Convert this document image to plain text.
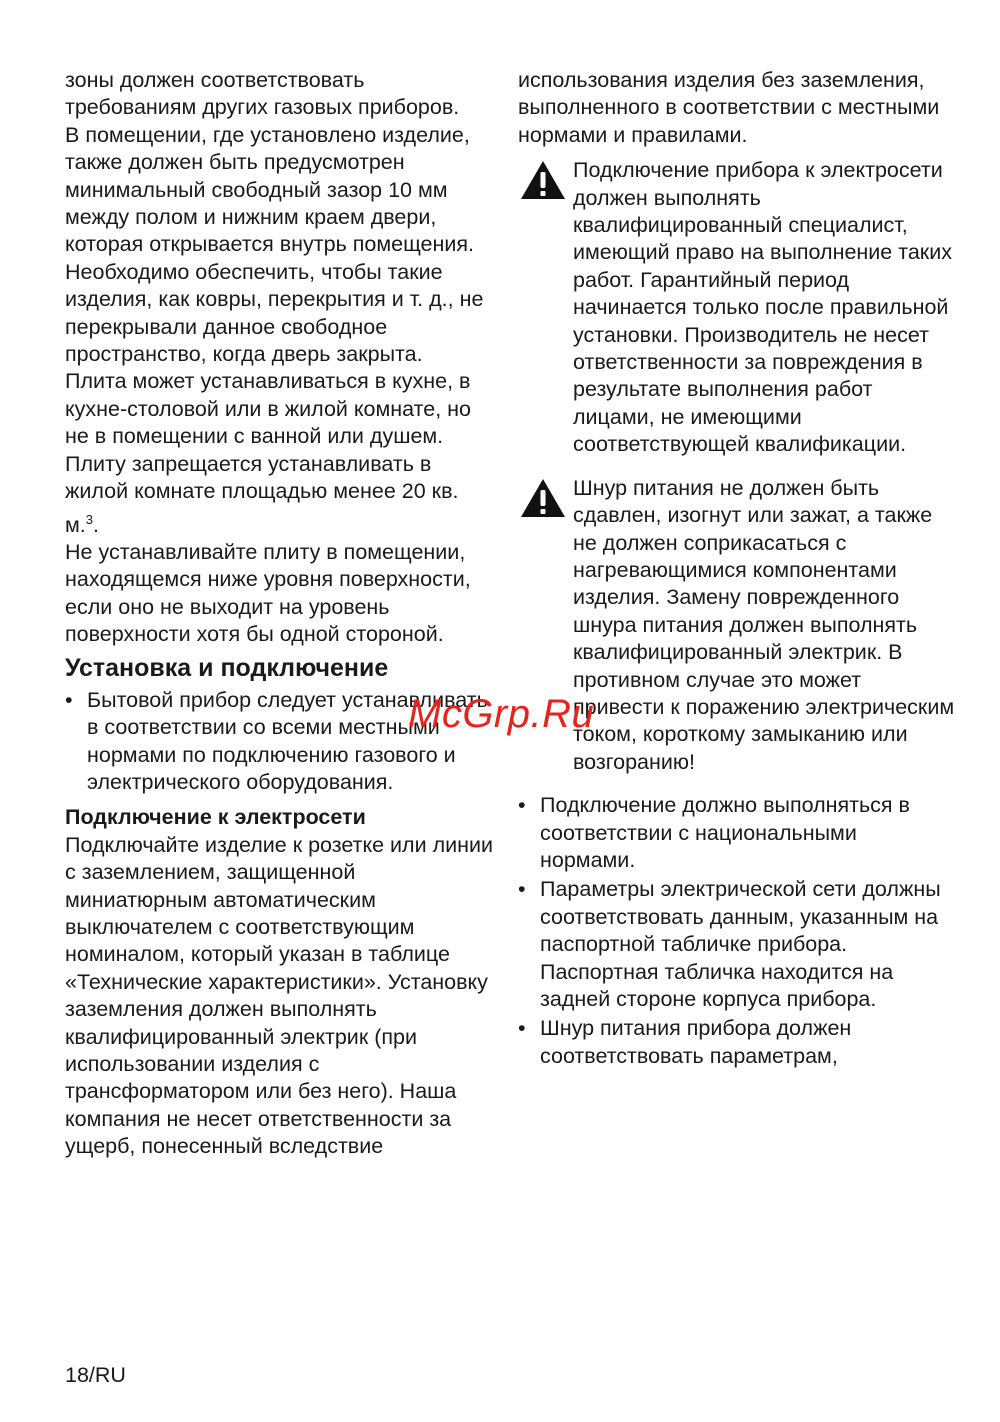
зоны должен соответствовать требованиям других газовых приборов.

В помещении, где установлено изделие, также должен быть предусмотрен минимальный свободный зазор 10 мм между полом и нижним краем двери, которая открывается внутрь помещения. Необходимо обеспечить, чтобы такие изделия, как ковры, перекрытия и т. д., не перекрывали данное свободное пространство, когда дверь закрыта.

Плита может устанавливаться в кухне, в кухне-столовой или в жилой комнате, но не в помещении с ванной или душем. Плиту запрещается устанавливать в жилой комнате площадью менее 20 кв. м.$^3$.

Не устанавливайте плиту в помещении, находящемся ниже уровня поверхности, если оно не выходит на уровень поверхности хотя бы одной стороной.

Установка и подключение
• Бытовой прибор следует устанавливать в соответствии со всеми местными нормами по подключению газового и электрического оборудования.
Подключение к электросети

Подключайте изделие к розетке или линии с заземлением, защищенной миниатюрным автоматическим выключателем с соответствующим номиналом, который указан в таблице «Технические характеристики». Установку заземления должен выполнять квалифицированный электрик (при использовании изделия с трансформатором или без него). Наша компания не несет ответственности за ущерб, понесенный вследствие

использования изделия без заземления, выполненного в соответствии с местными нормами и правилами.

Подключение прибора к электросети должен выполнять квалифицированный специалист, имеющий право на выполнение таких работ. Гарантийный период начинается только после правильной установки. Производитель не несет ответственности за повреждения в результате выполнения работ лицами, не имеющими соответствующей квалификации.

Шнур питания не должен быть сдавлен, изогнут или зажат, а также не должен соприкасаться с нагревающимися компонентами изделия. Замену поврежденного шнура питания должен выполнять квалифицированный электрик. В противном случае это может привести к поражению электрическим током, короткому замыканию или возгоранию!

• Подключение должно выполняться в соответствии с национальными нормами.
• Параметры электрической сети должны соответствовать данным, указанным на паспортной табличке прибора. Паспортная табличка находится на задней стороне корпуса прибора.
• Шнур питания прибора должен соответствовать параметрам,
McGrp.Ru
18/RU
